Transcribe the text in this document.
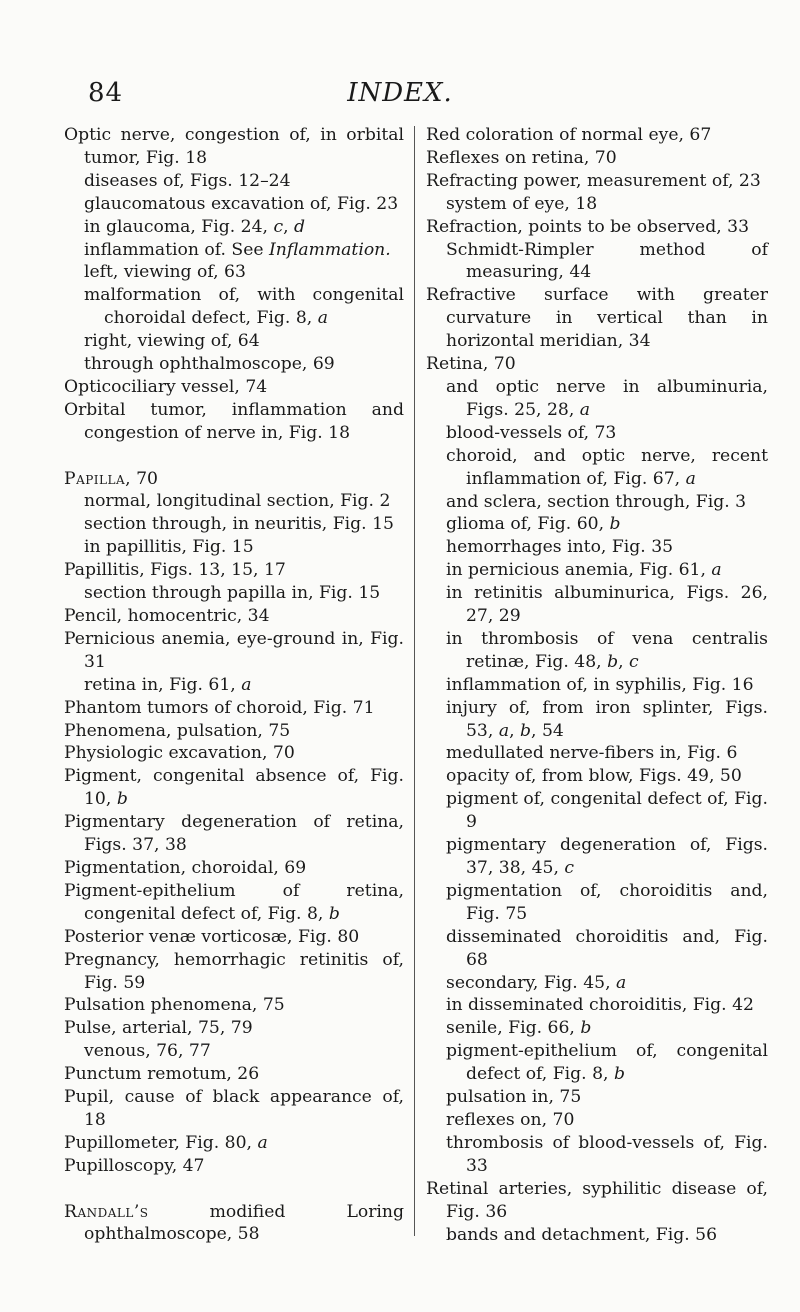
84	INDEX.
Optic nerve, congestion of, in orbital tumor, Fig. 18
diseases of, Figs. 12–24
glaucomatous excavation of, Fig. 23
in glaucoma, Fig. 24, c, d
inflammation of. See Inflammation.
left, viewing of, 63
malformation of, with congenital choroidal defect, Fig. 8, a
right, viewing of, 64
through ophthalmoscope, 69
Opticociliary vessel, 74
Orbital tumor, inflammation and congestion of nerve in, Fig. 18
Papilla, 70
normal, longitudinal section, Fig. 2
section through, in neuritis, Fig. 15
in papillitis, Fig. 15
Papillitis, Figs. 13, 15, 17
section through papilla in, Fig. 15
Pencil, homocentric, 34
Pernicious anemia, eye-ground in, Fig. 31
retina in, Fig. 61, a
Phantom tumors of choroid, Fig. 71
Phenomena, pulsation, 75
Physiologic excavation, 70
Pigment, congenital absence of, Fig. 10, b
Pigmentary degeneration of retina, Figs. 37, 38
Pigmentation, choroidal, 69
Pigment-epithelium of retina, congenital defect of, Fig. 8, b
Posterior venæ vorticosæ, Fig. 80
Pregnancy, hemorrhagic retinitis of, Fig. 59
Pulsation phenomena, 75
Pulse, arterial, 75, 79
venous, 76, 77
Punctum remotum, 26
Pupil, cause of black appearance of, 18
Pupillometer, Fig. 80, a
Pupilloscopy, 47
Randall’s modified Loring ophthalmoscope, 58
Red coloration of normal eye, 67
Reflexes on retina, 70
Refracting power, measurement of, 23
system of eye, 18
Refraction, points to be observed, 33
Schmidt-Rimpler method of measuring, 44
Refractive surface with greater curvature in vertical than in horizontal meridian, 34
Retina, 70
and optic nerve in albuminuria, Figs. 25, 28, a
blood-vessels of, 73
choroid, and optic nerve, recent inflammation of, Fig. 67, a
and sclera, section through, Fig. 3
glioma of, Fig. 60, b
hemorrhages into, Fig. 35
in pernicious anemia, Fig. 61, a
in retinitis albuminurica, Figs. 26, 27, 29
in thrombosis of vena centralis retinæ, Fig. 48, b, c
inflammation of, in syphilis, Fig. 16
injury of, from iron splinter, Figs. 53, a, b, 54
medullated nerve-fibers in, Fig. 6
opacity of, from blow, Figs. 49, 50
pigment of, congenital defect of, Fig. 9
pigmentary degeneration of, Figs. 37, 38, 45, c
pigmentation of, choroiditis and, Fig. 75
disseminated choroiditis and, Fig. 68
secondary, Fig. 45, a
in disseminated choroiditis, Fig. 42
senile, Fig. 66, b
pigment-epithelium of, congenital defect of, Fig. 8, b
pulsation in, 75
reflexes on, 70
thrombosis of blood-vessels of, Fig. 33
Retinal arteries, syphilitic disease of, Fig. 36
bands and detachment, Fig. 56
